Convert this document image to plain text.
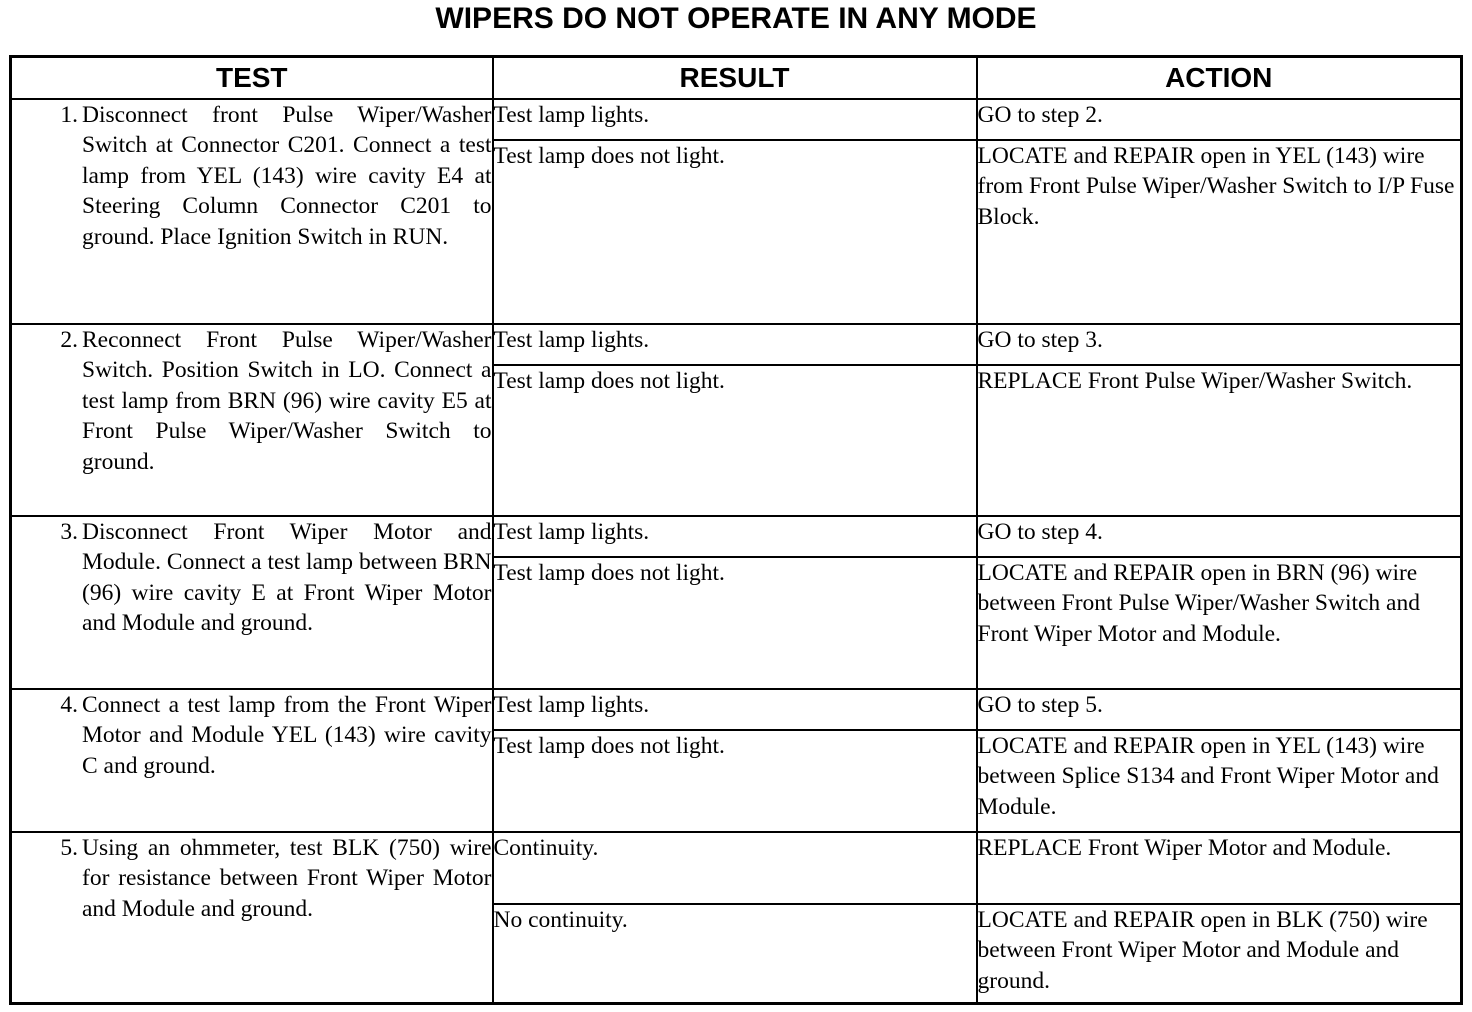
WIPERS DO NOT OPERATE IN ANY MODE
TEST	RESULT	ACTION

1. Disconnect front Pulse Wiper/Washer Switch at Connector C201. Connect a test lamp from YEL (143) wire cavity E4 at Steering Column Connector C201 to ground. Place Ignition Switch in RUN.	Test lamp lights.	GO to step 2.
	Test lamp does not light.	LOCATE and REPAIR open in YEL (143) wire from Front Pulse Wiper/Washer Switch to I/P Fuse Block.

2. Reconnect Front Pulse Wiper/Washer Switch. Position Switch in LO. Connect a test lamp from BRN (96) wire cavity E5 at Front Pulse Wiper/Washer Switch to ground.	Test lamp lights.	GO to step 3.
	Test lamp does not light.	REPLACE Front Pulse Wiper/Washer Switch.

3. Disconnect Front Wiper Motor and Module. Connect a test lamp between BRN (96) wire cavity E at Front Wiper Motor and Module and ground.	Test lamp lights.	GO to step 4.
	Test lamp does not light.	LOCATE and REPAIR open in BRN (96) wire between Front Pulse Wiper/Washer Switch and Front Wiper Motor and Module.

4. Connect a test lamp from the Front Wiper Motor and Module YEL (143) wire cavity C and ground.	Test lamp lights.	GO to step 5.
	Test lamp does not light.	LOCATE and REPAIR open in YEL (143) wire between Splice S134 and Front Wiper Motor and Module.

5. Using an ohmmeter, test BLK (750) wire for resistance between Front Wiper Motor and Module and ground.	Continuity.	REPLACE Front Wiper Motor and Module.
	No continuity.	LOCATE and REPAIR open in BLK (750) wire between Front Wiper Motor and Module and ground.
